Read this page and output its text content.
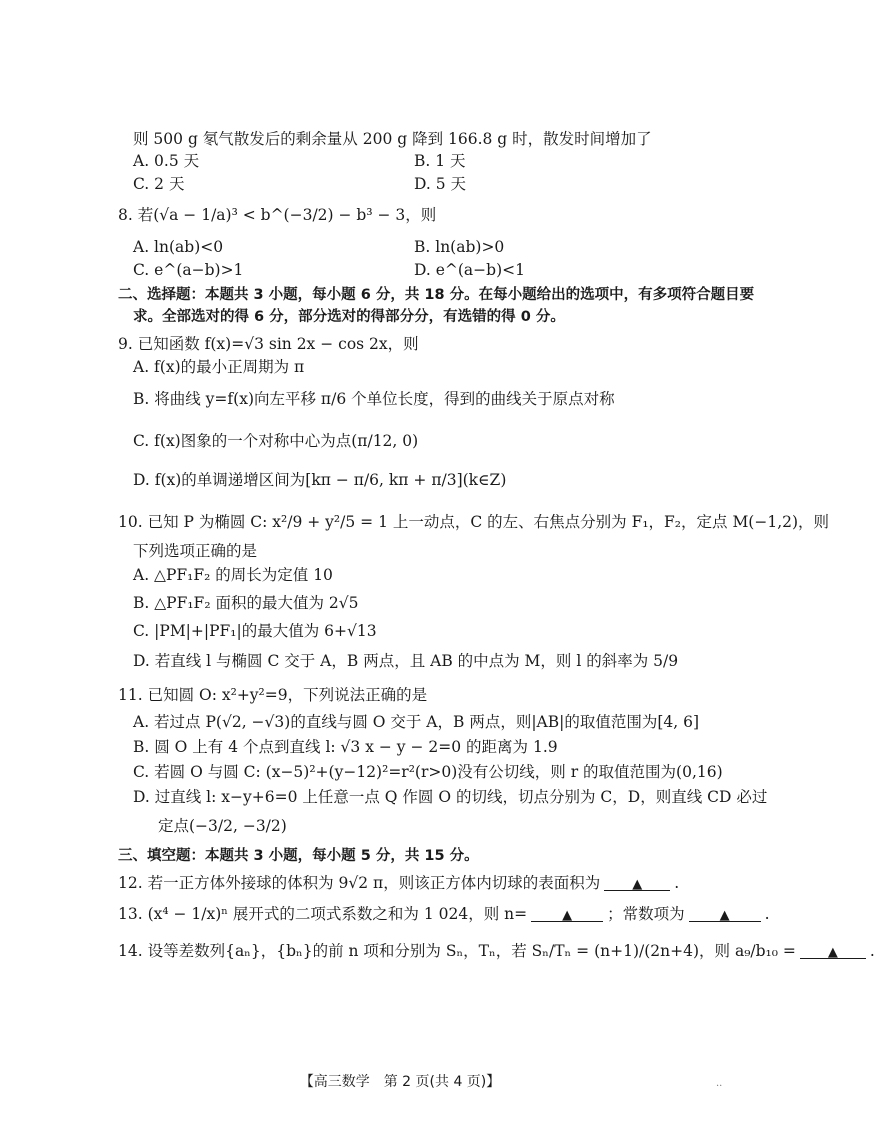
则 500 g 氡气散发后的剩余量从 200 g 降到 166.8 g 时，散发时间增加了
A. 0.5 天	B. 1 天
C. 2 天	D. 5 天
8. 若(√a − 1/a)³ < b^(−3/2) − b³ − 3，则
A. ln(ab)<0	B. ln(ab)>0
C. e^(a−b)>1	D. e^(a−b)<1
二、选择题：本题共 3 小题，每小题 6 分，共 18 分。在每小题给出的选项中，有多项符合题目要
求。全部选对的得 6 分，部分选对的得部分分，有选错的得 0 分。
9. 已知函数 f(x)=√3 sin 2x − cos 2x，则
A. f(x)的最小正周期为 π
B. 将曲线 y=f(x)向左平移 π/6 个单位长度，得到的曲线关于原点对称
C. f(x)图象的一个对称中心为点(π/12, 0)
D. f(x)的单调递增区间为[kπ − π/6, kπ + π/3](k∈Z)
10. 已知 P 为椭圆 C: x²/9 + y²/5 = 1 上一动点，C 的左、右焦点分别为 F₁，F₂，定点 M(−1,2)，则
下列选项正确的是
A. △PF₁F₂ 的周长为定值 10
B. △PF₁F₂ 面积的最大值为 2√5
C. |PM|+|PF₁|的最大值为 6+√13
D. 若直线 l 与椭圆 C 交于 A，B 两点，且 AB 的中点为 M，则 l 的斜率为 5/9
11. 已知圆 O: x²+y²=9，下列说法正确的是
A. 若过点 P(√2, −√3)的直线与圆 O 交于 A，B 两点，则|AB|的取值范围为[4, 6]
B. 圆 O 上有 4 个点到直线 l: √3 x − y − 2=0 的距离为 1.9
C. 若圆 O 与圆 C: (x−5)²+(y−12)²=r²(r>0)没有公切线，则 r 的取值范围为(0,16)
D. 过直线 l: x−y+6=0 上任意一点 Q 作圆 O 的切线，切点分别为 C，D，则直线 CD 必过
定点(−3/2, −3/2)
三、填空题：本题共 3 小题，每小题 5 分，共 15 分。
12. 若一正方体外接球的体积为 9√2 π，则该正方体内切球的表面积为 ▲ .
13. (x⁴ − 1/x)ⁿ 展开式的二项式系数之和为 1 024，则 n=	▲ ；常数项为	▲ .
14. 设等差数列{aₙ}，{bₙ}的前 n 项和分别为 Sₙ，Tₙ，若 Sₙ/Tₙ = (n+1)/(2n+4)，则 a₉/b₁₀ = ▲ .
【高三数学　第 2 页(共 4 页)】	..
